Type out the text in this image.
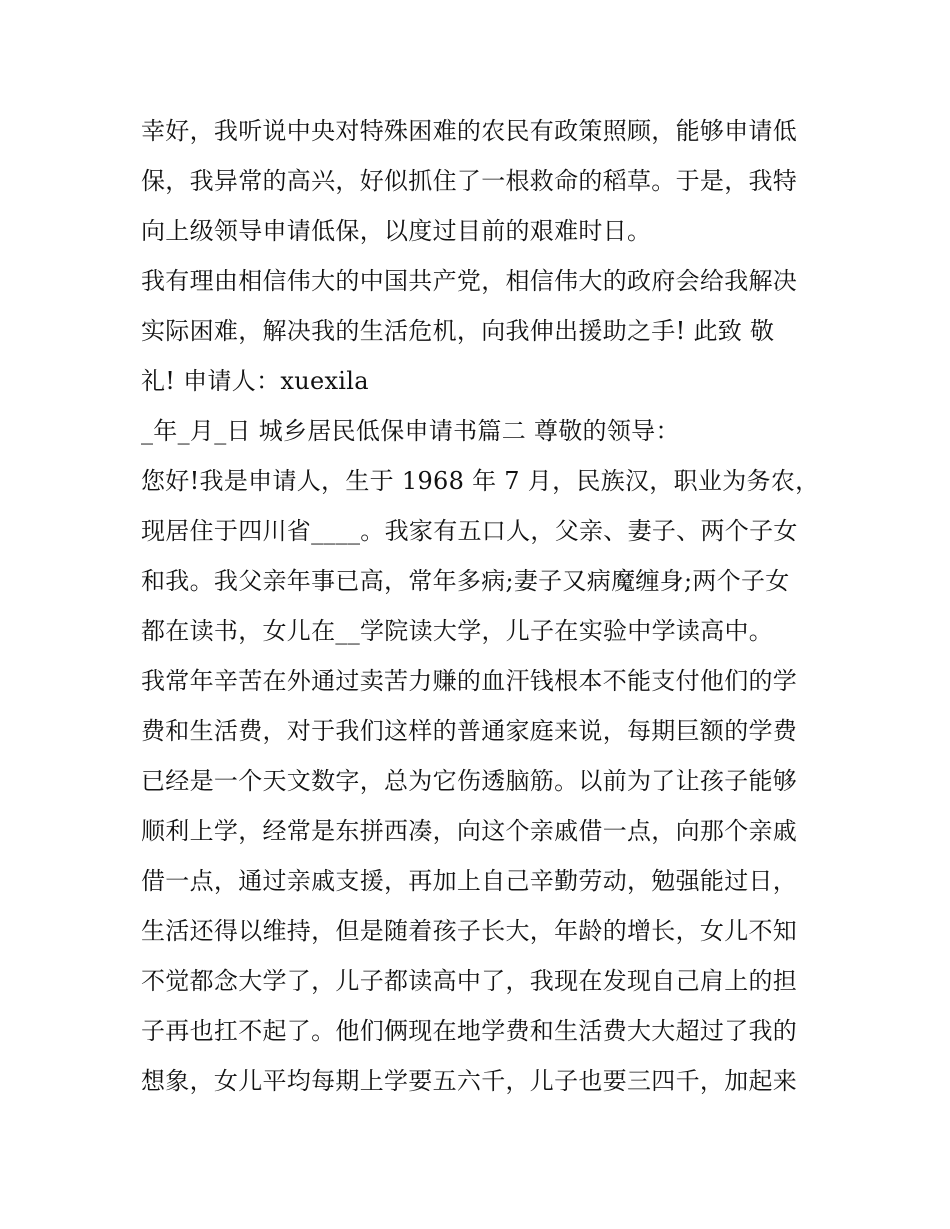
幸好，我听说中央对特殊困难的农民有政策照顾，能够申请低
保，我异常的高兴，好似抓住了一根救命的稻草。于是，我特
向上级领导申请低保，以度过目前的艰难时日。
我有理由相信伟大的中国共产党，相信伟大的政府会给我解决
实际困难，解决我的生活危机，向我伸出援助之手! 此致 敬
礼! 申请人：xuexila
_年_月_日 城乡居民低保申请书篇二 尊敬的领导：
您好!我是申请人，生于 1968 年 7 月，民族汉，职业为务农，
现居住于四川省____。我家有五口人，父亲、妻子、两个子女
和我。我父亲年事已高，常年多病;妻子又病魔缠身;两个子女
都在读书，女儿在__学院读大学，儿子在实验中学读高中。
我常年辛苦在外通过卖苦力赚的血汗钱根本不能支付他们的学
费和生活费，对于我们这样的普通家庭来说，每期巨额的学费
已经是一个天文数字，总为它伤透脑筋。以前为了让孩子能够
顺利上学，经常是东拼西凑，向这个亲戚借一点，向那个亲戚
借一点，通过亲戚支援，再加上自己辛勤劳动，勉强能过日，
生活还得以维持，但是随着孩子长大，年龄的增长，女儿不知
不觉都念大学了，儿子都读高中了，我现在发现自己肩上的担
子再也扛不起了。他们俩现在地学费和生活费大大超过了我的
想象，女儿平均每期上学要五六千，儿子也要三四千，加起来
